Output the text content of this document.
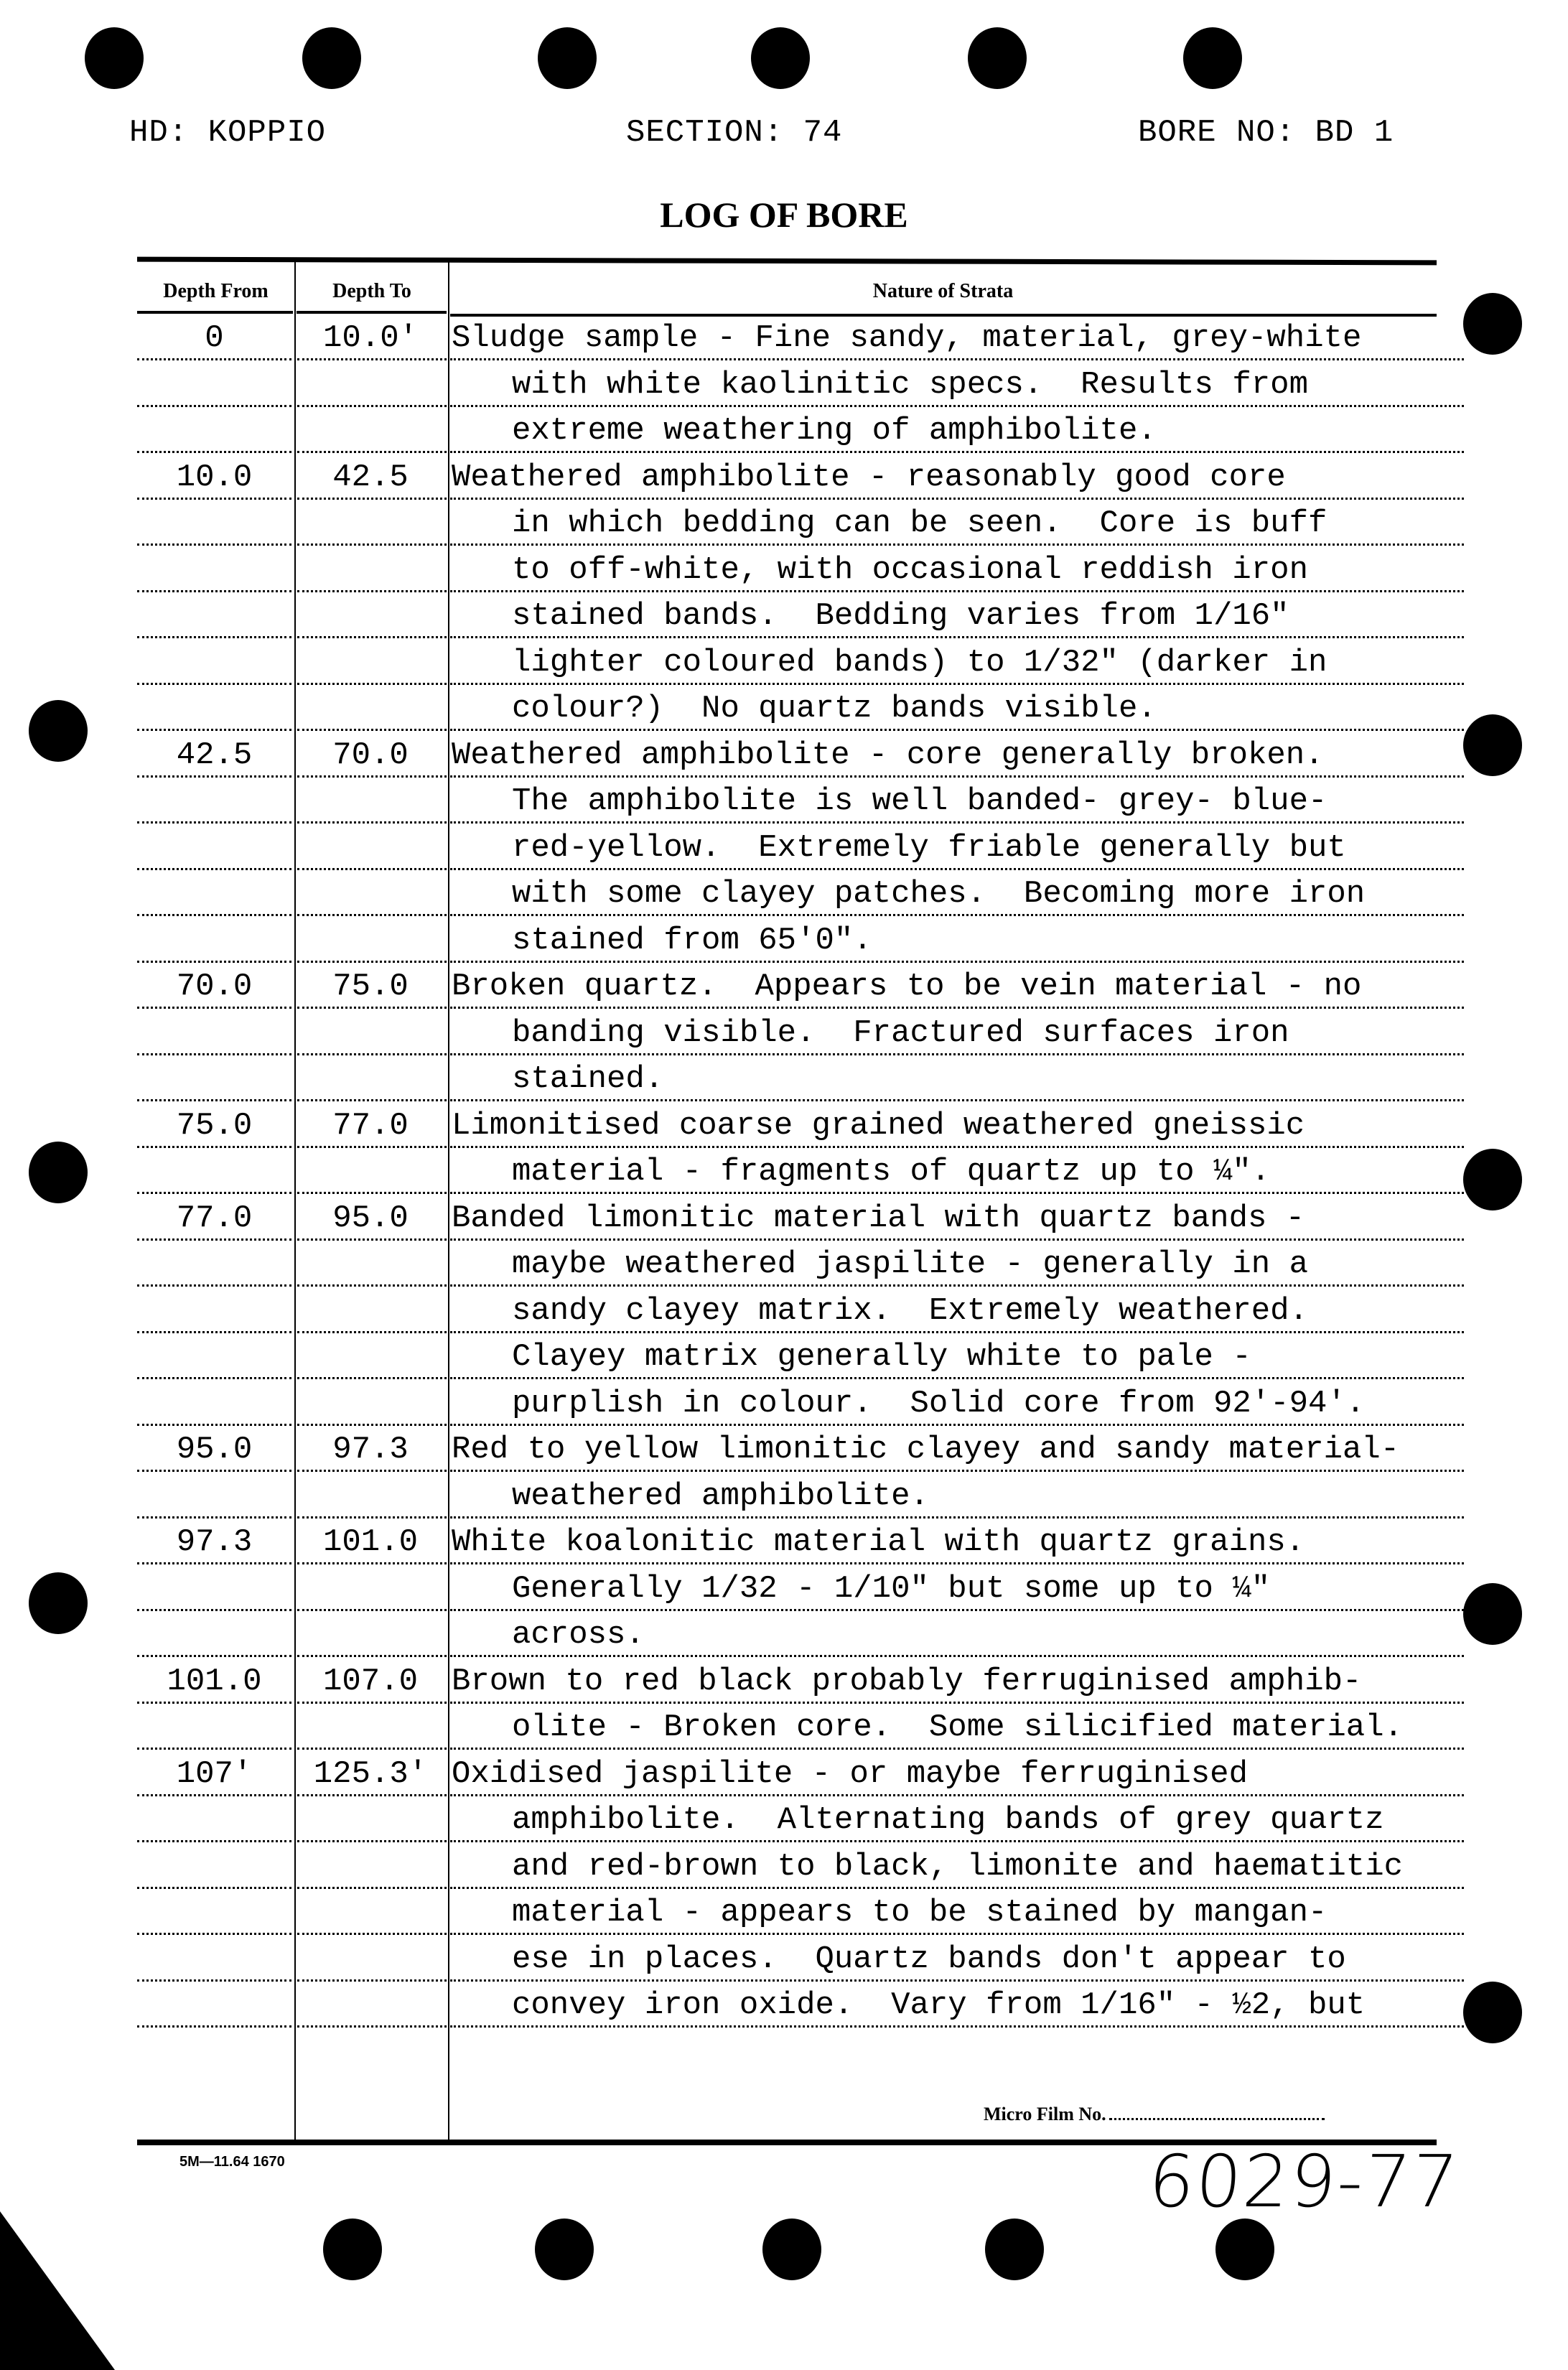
HD: KOPPIO	SECTION: 74	BORE NO: BD 1
LOG OF BORE
Depth From	Depth To	Nature of Strata
0	10.0'	Sludge sample - Fine sandy, material, grey-white
with white kaolinitic specs.  Results from
extreme weathering of amphibolite.
10.0	42.5	Weathered amphibolite - reasonably good core
in which bedding can be seen.  Core is buff
to off-white, with occasional reddish iron
stained bands.  Bedding varies from 1/16"
lighter coloured bands) to 1/32" (darker in
colour?)  No quartz bands visible.
42.5	70.0	Weathered amphibolite - core generally broken.
The amphibolite is well banded- grey- blue-
red-yellow.  Extremely friable generally but
with some clayey patches.  Becoming more iron
stained from 65'0".
70.0	75.0	Broken quartz.  Appears to be vein material - no
banding visible.  Fractured surfaces iron
stained.
75.0	77.0	Limonitised coarse grained weathered gneissic
material - fragments of quartz up to ¼".
77.0	95.0	Banded limonitic material with quartz bands -
maybe weathered jaspilite - generally in a
sandy clayey matrix.  Extremely weathered.
Clayey matrix generally white to pale -
purplish in colour.  Solid core from 92'-94'.
95.0	97.3	Red to yellow limonitic clayey and sandy material-
weathered amphibolite.
97.3	101.0	White koalonitic material with quartz grains.
Generally 1/32 - 1/10" but some up to ¼"
across.
101.0	107.0	Brown to red black probably ferruginised amphib-
olite - Broken core.  Some silicified material.
107'	125.3' Oxidised jaspilite - or maybe ferruginised
amphibolite.  Alternating bands of grey quartz
and red-brown to black, limonite and haematitic
material - appears to be stained by mangan-
ese in places.  Quartz bands don't appear to
convey iron oxide.  Vary from 1/16" - ½2, but
Micro Film No.
5M—11.64 1670	6029-77
